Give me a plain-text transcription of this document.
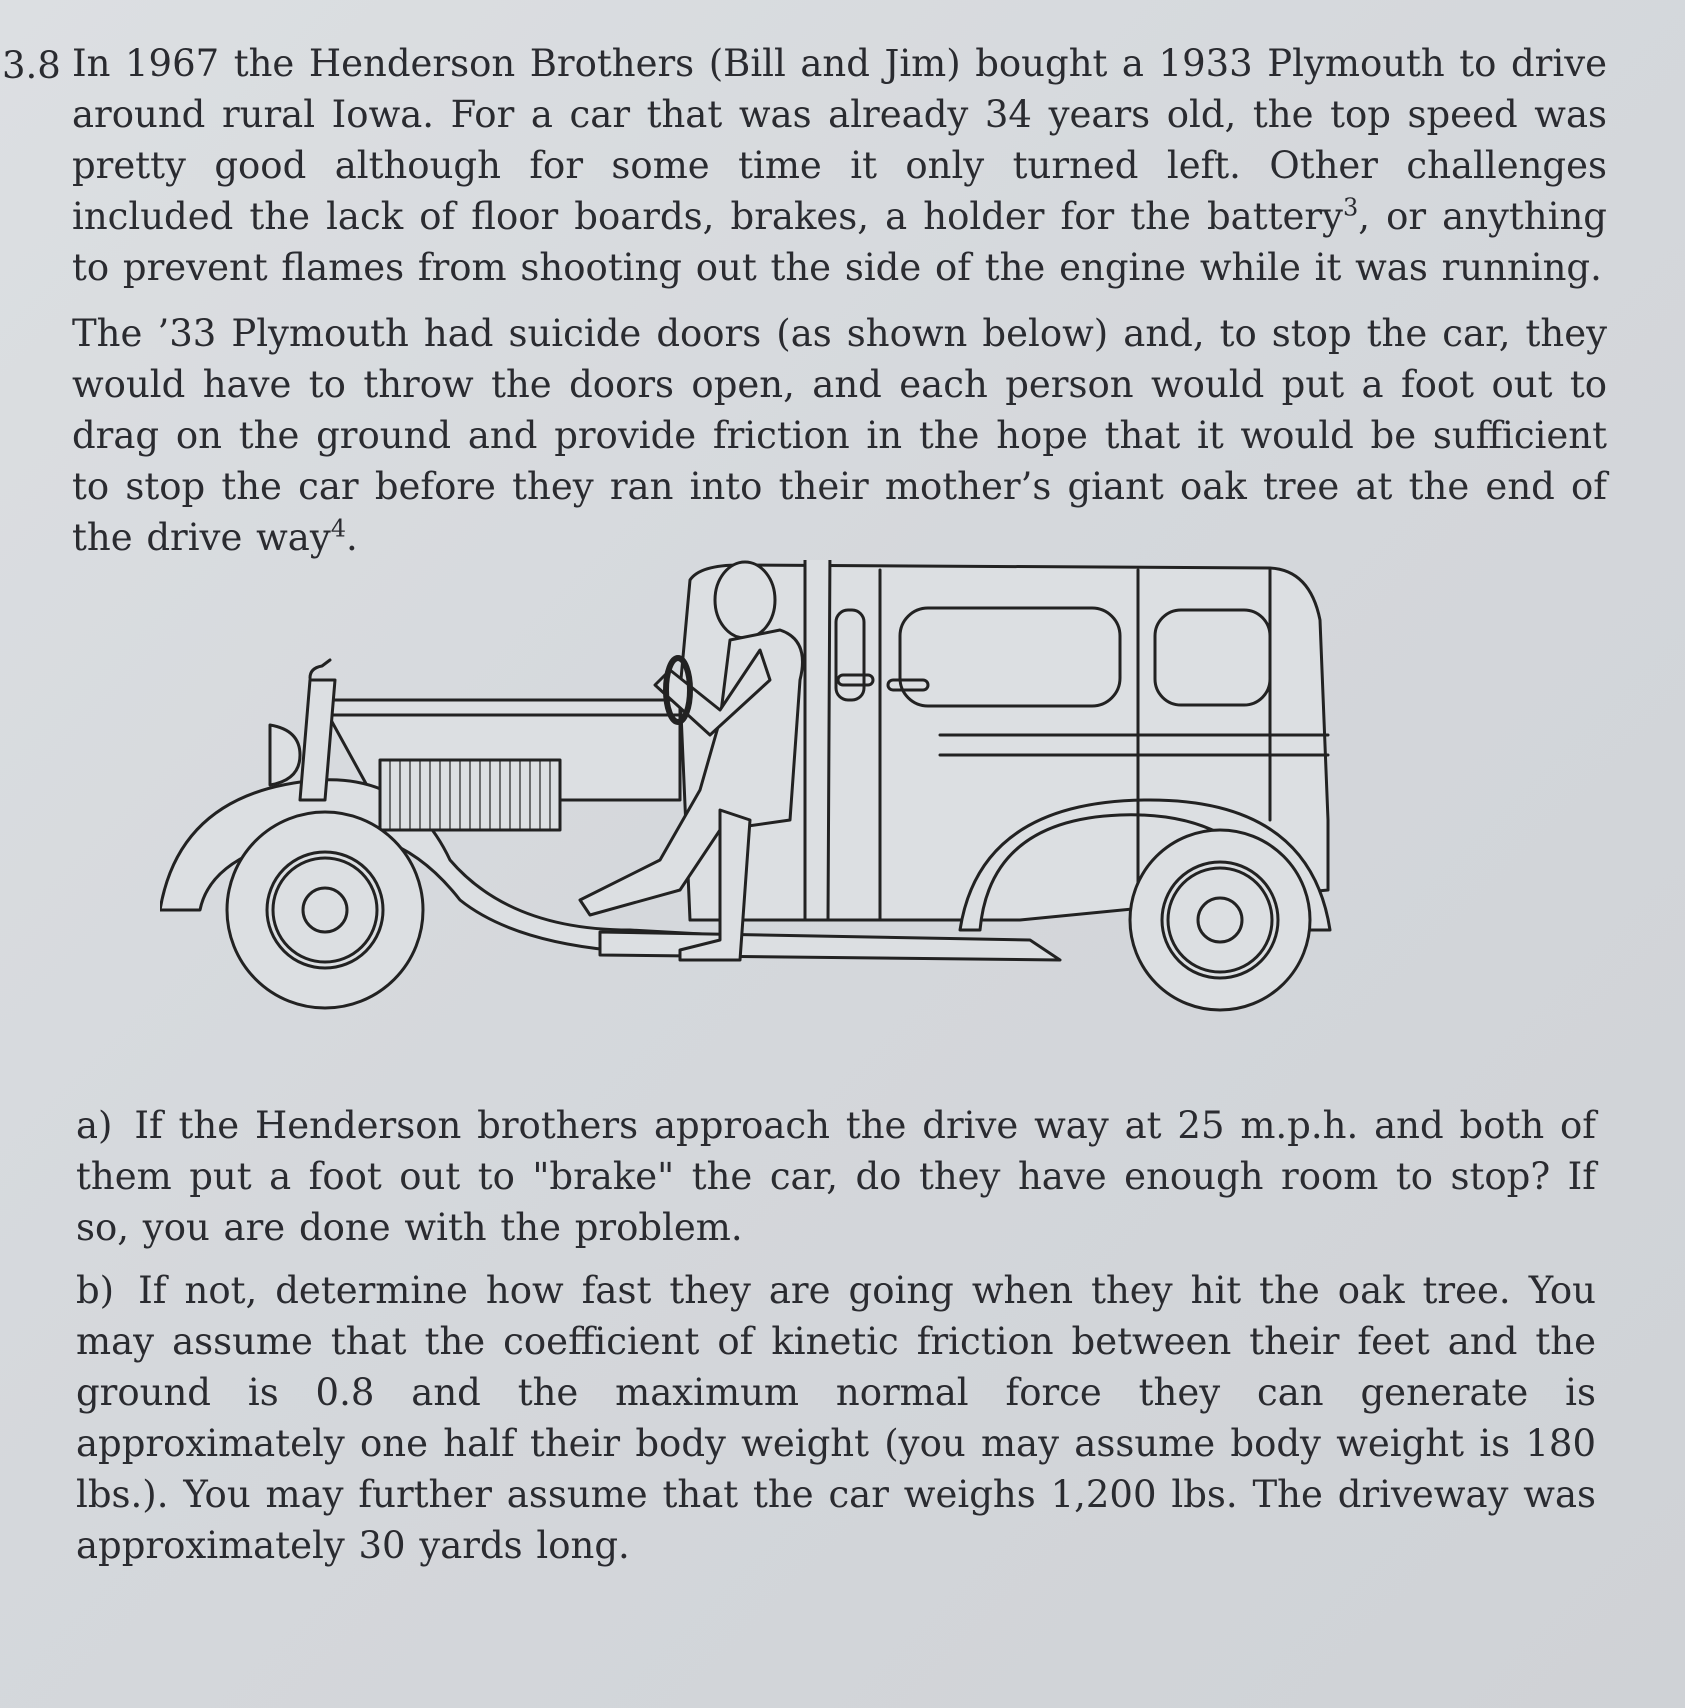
3.8 In 1967 the Henderson Brothers (Bill and Jim) bought a 1933 Plymouth to drive around rural Iowa. For a car that was already 34 years old, the top speed was pretty good although for some time it only turned left. Other challenges included the lack of floor boards, brakes, a holder for the battery$^3$, or anything to prevent flames from shooting out the side of the engine while it was running.

The ’33 Plymouth had suicide doors (as shown below) and, to stop the car, they would have to throw the doors open, and each person would put a foot out to drag on the ground and provide friction in the hope that it would be sufficient to stop the car before they ran into their mother’s giant oak tree at the end of the drive way$^4$.

a) If the Henderson brothers approach the drive way at 25 m.p.h. and both of them put a foot out to "brake" the car, do they have enough room to stop? If so, you are done with the problem.

b) If not, determine how fast they are going when they hit the oak tree. You may assume that the coefficient of kinetic friction between their feet and the ground is 0.8 and the maximum normal force they can generate is approximately one half their body weight (you may assume body weight is 180 lbs.). You may further assume that the car weighs 1,200 lbs. The driveway was approximately 30 yards long.
